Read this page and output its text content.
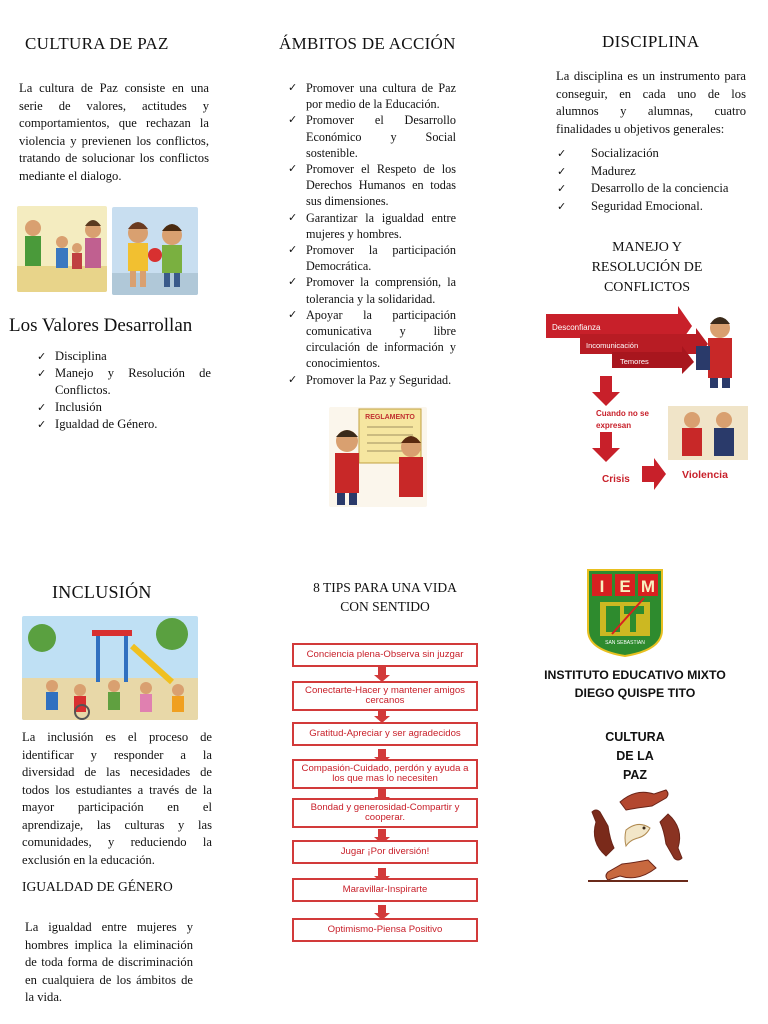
CULTURA DE PAZ
La cultura de Paz consiste en una serie de valores, actitudes y comportamientos, que rechazan la violencia y previenen los conflictos, tratando de solucionar los conflictos mediante el dialogo.
Los Valores Desarrollan
✓ Disciplina
✓ Manejo y Resolución de Conflictos.
✓ Inclusión
✓ Igualdad de Género.
ÁMBITOS DE ACCIÓN
✓ Promover una cultura de Paz por medio de la Educación.
✓ Promover el Desarrollo Económico y Social sostenible.
✓ Promover el Respeto de los Derechos Humanos en todas sus dimensiones.
✓ Garantizar la igualdad entre mujeres y hombres.
✓ Promover la participación Democrática.
✓ Promover la comprensión, la tolerancia y la solidaridad.
✓ Apoyar la participación comunicativa y libre circulación de información y conocimientos.
✓ Promover la Paz y Seguridad.
REGLAMENTO
DISCIPLINA
La disciplina es un instrumento para conseguir, en cada uno de los alumnos y alumnas, cuatro finalidades u objetivos generales:
✓ Socialización
✓ Madurez
✓ Desarrollo de la conciencia
✓ Seguridad Emocional.
MANEJO Y
RESOLUCIÓN DE
CONFLICTOS
Desconfianza
Incomunicación
Temores
Cuando no se
expresan
Crisis	Violencia
INCLUSIÓN
La inclusión es el proceso de identificar y responder a la diversidad de las necesidades de todos los estudiantes a través de la mayor participación en el aprendizaje, las culturas y las comunidades, y reduciendo la exclusión en la educación.
IGUALDAD DE GÉNERO
La igualdad entre mujeres y hombres implica la eliminación de toda forma de discriminación en cualquiera de los ámbitos de la vida.
8 TIPS PARA UNA VIDA
CON SENTIDO
Conciencia plena-Observa sin juzgar
Conectarte-Hacer y mantener amigos cercanos
Gratitud-Apreciar y ser agradecidos
Compasión-Cuidado, perdón y ayuda a los que mas lo necesiten
Bondad y generosidad-Compartir y cooperar.
Jugar ¡Por diversión!
Maravillar-Inspirarte
Optimismo-Piensa Positivo
I E M
SAN SEBASTIAN
INSTITUTO EDUCATIVO MIXTO
DIEGO QUISPE TITO
CULTURA
DE LA
PAZ
